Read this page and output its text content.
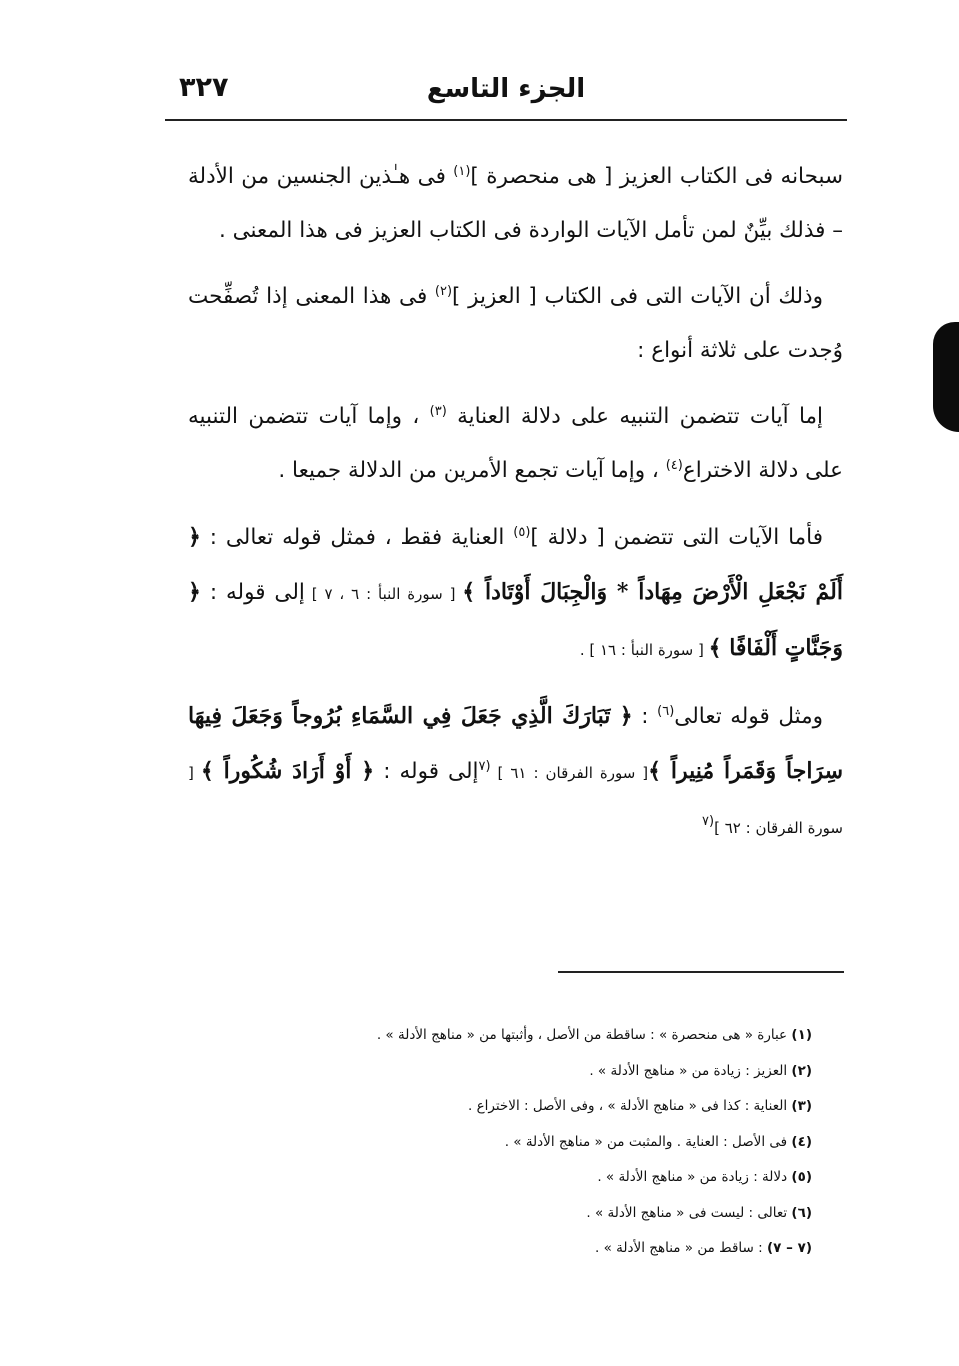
الجزء التاسع
٣٢٧

سبحانه فى الكتاب العزيز [ هى منحصرة ]$^{(١)}$ فى هـٰذين الجنسين من الأدلة – فذلك بيِّنٌ لمن تأمل الآيات الواردة فى الكتاب العزيز فى هذا المعنى .

وذلك أن الآيات التى فى الكتاب [ العزيز ]$^{(٢)}$ فى هذا المعنى إذا تُصفِّحت وُجدت على ثلاثة أنواع :

إما آيات تتضمن التنبيه على دلالة العناية $^{(٣)}$ ، وإما آيات تتضمن التنبيه على دلالة الاختراع$^{(٤)}$ ، وإما آيات تجمع الأمرين من الدلالة جميعا .

فأما الآيات التى تتضمن [ دلالة ]$^{(٥)}$ العناية فقط ، فمثل قوله تعالى : ﴿ أَلَمْ نَجْعَلِ الْأَرْضَ مِهَاداً * وَالْجِبَالَ أَوْتَاداً ﴾ [ سورة النبأ : ٦ ، ٧ ] إلى قوله : ﴿ وَجَنَّاتٍ أَلْفَافًا ﴾ [ سورة النبأ : ١٦ ] .

ومثل قوله تعالى$^{(٦)}$ : ﴿ تَبَارَكَ الَّذِي جَعَلَ فِي السَّمَاءِ بُرُوجاً وَجَعَلَ فِيهَا سِرَاجاً وَقَمَراً مُنِيراً ﴾[ سورة الفرقان : ٦١ ] $^{(٧}$إلى قوله : ﴿ أَوْ أَرَادَ شُكُوراً ﴾ [ سورة الفرقان : ٦٢ ]$^{(٧}$

(١) عبارة « هى منحصرة » : ساقطة من الأصل ، وأثبتها من « مناهج الأدلة » .
(٢) العزيز : زيادة من « مناهج الأدلة » .
(٣) العناية : كذا فى « مناهج الأدلة » ، وفى الأصل : الاختراع .
(٤) فى الأصل : العناية . والمثبت من « مناهج الأدلة » .
(٥) دلالة : زيادة من « مناهج الأدلة » .
(٦) تعالى : ليست فى « مناهج الأدلة » .
(٧ – ٧) : ساقط من « مناهج الأدلة » .
